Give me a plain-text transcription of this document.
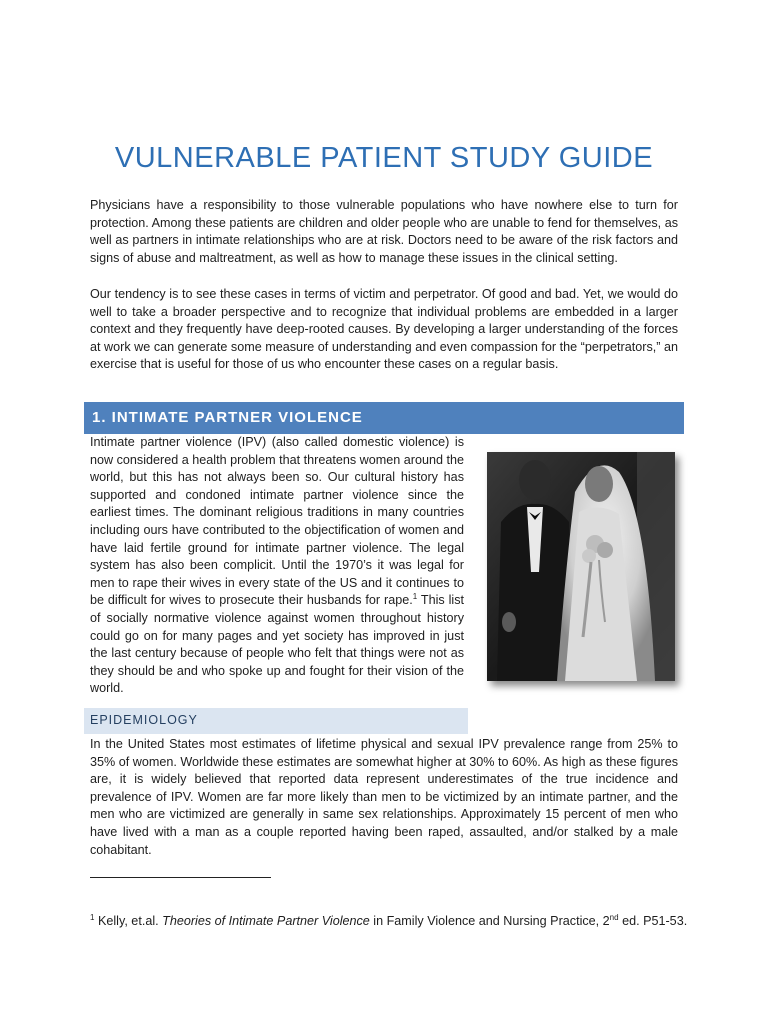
VULNERABLE PATIENT STUDY GUIDE
Physicians have a responsibility to those vulnerable populations who have nowhere else to turn for protection. Among these patients are children and older people who are unable to fend for themselves, as well as partners in intimate relationships who are at risk. Doctors need to be aware of the risk factors and signs of abuse and maltreatment, as well as how to manage these issues in the clinical setting.
Our tendency is to see these cases in terms of victim and perpetrator. Of good and bad. Yet, we would do well to take a broader perspective and to recognize that individual problems are embedded in a larger context and they frequently have deep-rooted causes. By developing a larger understanding of the forces at work we can generate some measure of understanding and even compassion for the “perpetrators,” an exercise that is useful for those of us who encounter these cases on a regular basis.
1. INTIMATE PARTNER VIOLENCE
Intimate partner violence (IPV) (also called domestic violence) is now considered a health problem that threatens women around the world, but this has not always been so. Our cultural history has supported and condoned intimate partner violence since the earliest times. The dominant religious traditions in many countries including ours have contributed to the objectification of women and have laid fertile ground for intimate partner violence. The legal system has also been complicit. Until the 1970’s it was legal for men to rape their wives in every state of the US and it continues to be difficult for wives to prosecute their husbands for rape.$^1$ This list of socially normative violence against women throughout history could go on for many pages and yet society has improved in just the last century because of people who felt that things were not as they should be and who spoke up and fought for their vision of the world.
EPIDEMIOLOGY
In the United States most estimates of lifetime physical and sexual IPV prevalence range from 25% to 35% of women. Worldwide these estimates are somewhat higher at 30% to 60%. As high as these figures are, it is widely believed that reported data represent underestimates of the true incidence and prevalence of IPV. Women are far more likely than men to be victimized by an intimate partner, and the men who are victimized are generally in same sex relationships. Approximately 15 percent of men who have lived with a man as a couple reported having been raped, assaulted, and/or stalked by a male cohabitant.
$^1$ Kelly, et.al. Theories of Intimate Partner Violence in Family Violence and Nursing Practice, 2nd ed. P51-53.
